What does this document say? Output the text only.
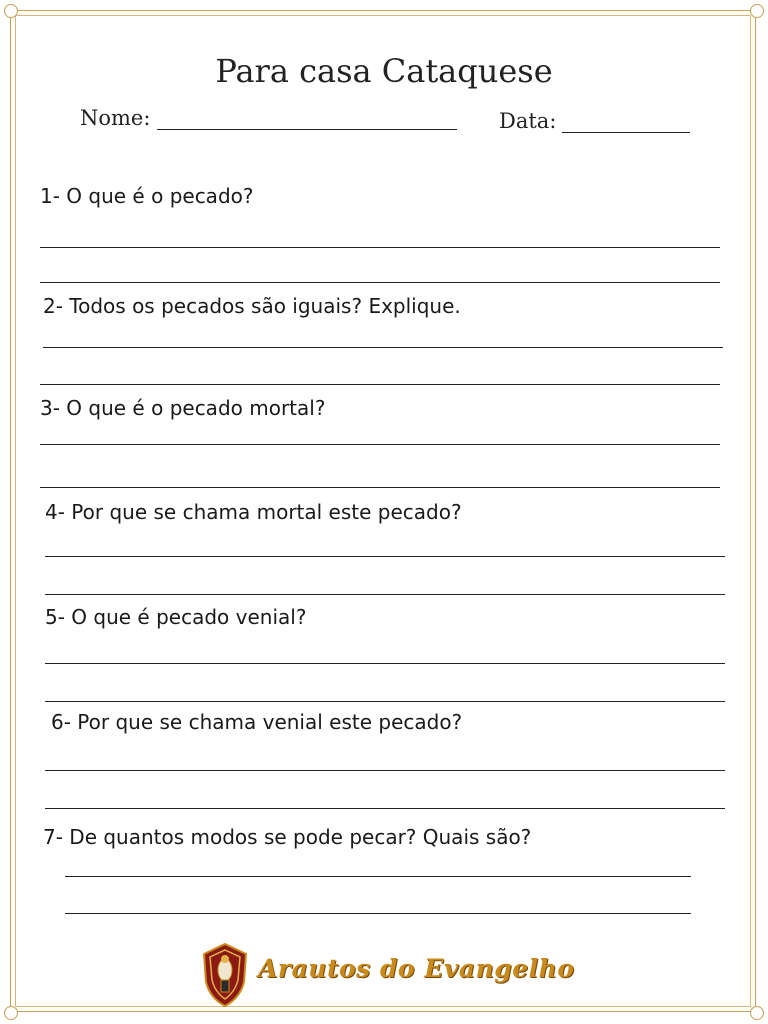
Para casa Cataquese
Nome:	Data:
1- O que é o pecado?
2- Todos os pecados são iguais? Explique.
3- O que é o pecado mortal?
4- Por que se chama mortal este pecado?
5- O que é pecado venial?
6- Por que se chama venial este pecado?
7- De quantos modos se pode pecar? Quais são?
Arautos do Evangelho
